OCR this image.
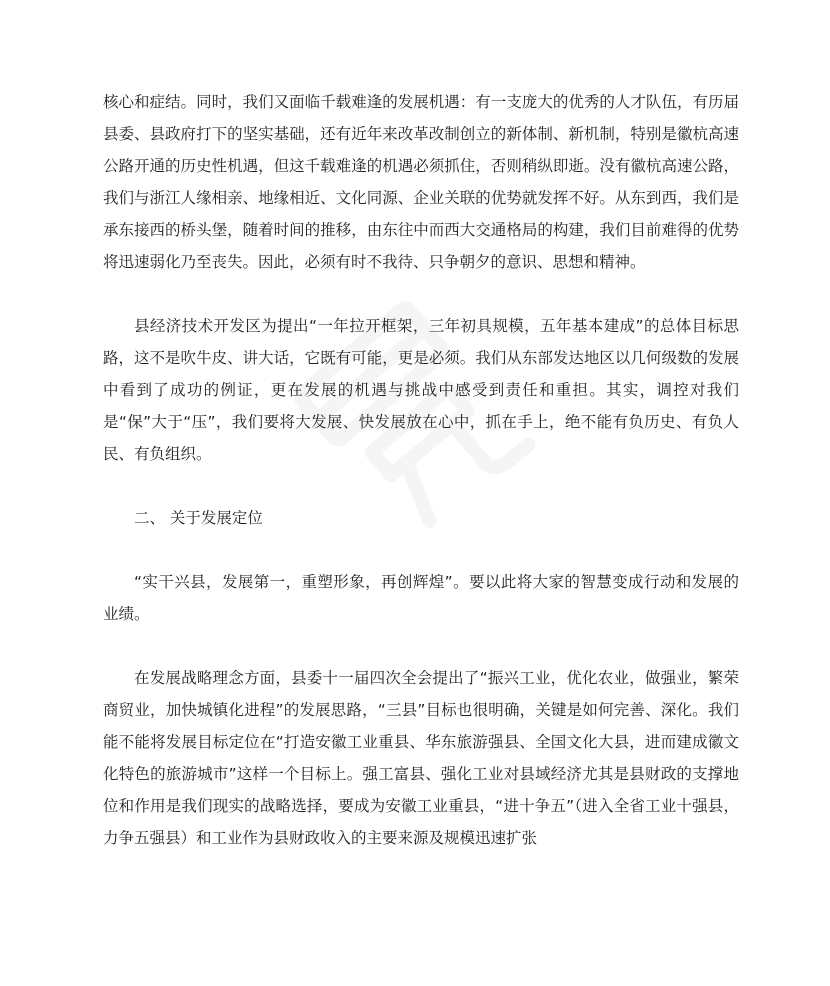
核心和症结。同时，我们又面临千载难逢的发展机遇：有一支庞大的优秀的人才队伍，有历届县委、县政府打下的坚实基础，还有近年来改革改制创立的新体制、新机制，特别是徽杭高速公路开通的历史性机遇，但这千载难逢的机遇必须抓住，否则稍纵即逝。没有徽杭高速公路，我们与浙江人缘相亲、地缘相近、文化同源、企业关联的优势就发挥不好。从东到西，我们是承东接西的桥头堡，随着时间的推移，由东往中而西大交通格局的构建，我们目前难得的优势将迅速弱化乃至丧失。因此，必须有时不我待、只争朝夕的意识、思想和精神。

县经济技术开发区为提出“一年拉开框架，三年初具规模，五年基本建成”的总体目标思路，这不是吹牛皮、讲大话，它既有可能，更是必须。我们从东部发达地区以几何级数的发展中看到了成功的例证，更在发展的机遇与挑战中感受到责任和重担。其实，调控对我们是“保”大于“压”，我们要将大发展、快发展放在心中，抓在手上，绝不能有负历史、有负人民、有负组织。

二、 关于发展定位

“实干兴县，发展第一，重塑形象，再创辉煌”。要以此将大家的智慧变成行动和发展的业绩。

在发展战略理念方面，县委十一届四次全会提出了“振兴工业，优化农业，做强业，繁荣商贸业，加快城镇化进程”的发展思路，“三县”目标也很明确，关键是如何完善、深化。我们能不能将发展目标定位在“打造安徽工业重县、华东旅游强县、全国文化大县，进而建成徽文化特色的旅游城市”这样一个目标上。强工富县、强化工业对县域经济尤其是县财政的支撑地位和作用是我们现实的战略选择，要成为安徽工业重县，“进十争五”（进入全省工业十强县，力争五强县）和工业作为县财政收入的主要来源及规模迅速扩张
